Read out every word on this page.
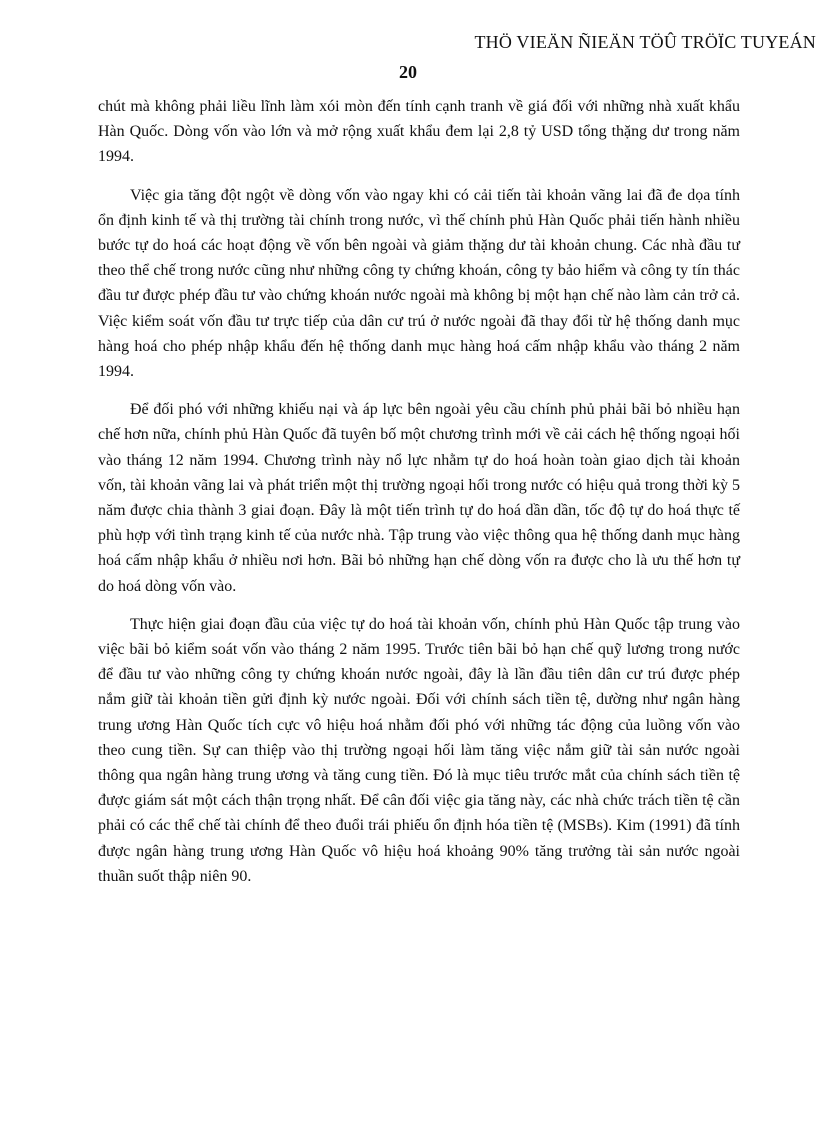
THÖ VIEÄN ÑIEÄN TÖÛ TRÖÏC TUYEÁN
20

chút mà không phải liều lĩnh làm xói mòn đến tính cạnh tranh về giá đối với những nhà xuất khẩu Hàn Quốc. Dòng vốn vào lớn và mở rộng xuất khẩu đem lại 2,8 tỷ USD tổng thặng dư trong năm 1994.

Việc gia tăng đột ngột về dòng vốn vào ngay khi có cải tiến tài khoản vãng lai đã đe dọa tính ổn định kinh tế và thị trường tài chính trong nước, vì thế chính phủ Hàn Quốc phải tiến hành nhiều bước tự do hoá các hoạt động về vốn bên ngoài và giảm thặng dư tài khoản chung. Các nhà đầu tư theo thể chế trong nước cũng như những công ty chứng khoán, công ty bảo hiểm và công ty tín thác đầu tư được phép đầu tư vào chứng khoán nước ngoài mà không bị một hạn chế nào làm cản trở cả. Việc kiểm soát vốn đầu tư trực tiếp của dân cư trú ở nước ngoài đã thay đổi từ hệ thống danh mục hàng hoá cho phép nhập khẩu đến hệ thống danh mục hàng hoá cấm nhập khẩu vào tháng 2 năm 1994.

Để đối phó với những khiếu nại và áp lực bên ngoài yêu cầu chính phủ phải bãi bỏ nhiều hạn chế hơn nữa, chính phủ Hàn Quốc đã tuyên bố một chương trình mới về cải cách hệ thống ngoại hối vào tháng 12 năm 1994. Chương trình này nổ lực nhằm tự do hoá hoàn toàn giao dịch tài khoản vốn, tài khoản vãng lai và phát triển một thị trường ngoại hối trong nước có hiệu quả trong thời kỳ 5 năm được chia thành 3 giai đoạn. Đây là một tiến trình tự do hoá dần dần, tốc độ tự do hoá thực tế phù hợp với tình trạng kinh tế của nước nhà. Tập trung vào việc thông qua hệ thống danh mục hàng hoá cấm nhập khẩu ở nhiều nơi hơn. Bãi bỏ những hạn chế dòng vốn ra được cho là ưu thế hơn tự do hoá dòng vốn vào.

Thực hiện giai đoạn đầu của việc tự do hoá tài khoản vốn, chính phủ Hàn Quốc tập trung vào việc bãi bỏ kiểm soát vốn vào tháng 2 năm 1995. Trước tiên bãi bỏ hạn chế quỹ lương trong nước để đầu tư vào những công ty chứng khoán nước ngoài, đây là lần đầu tiên dân cư trú được phép nắm giữ tài khoản tiền gửi định kỳ nước ngoài. Đối với chính sách tiền tệ, dường như ngân hàng trung ương Hàn Quốc tích cực vô hiệu hoá nhằm đối phó với những tác động của luồng vốn vào theo cung tiền. Sự can thiệp vào thị trường ngoại hối làm tăng việc nắm giữ tài sản nước ngoài thông qua ngân hàng trung ương và tăng cung tiền. Đó là mục tiêu trước mắt của chính sách tiền tệ được giám sát một cách thận trọng nhất. Để cân đối việc gia tăng này, các nhà chức trách tiền tệ cần phải có các thể chế tài chính để theo đuổi trái phiếu ổn định hóa tiền tệ (MSBs). Kim (1991) đã tính được ngân hàng trung ương Hàn Quốc vô hiệu hoá khoảng 90% tăng trưởng tài sản nước ngoài thuần suốt thập niên 90.
